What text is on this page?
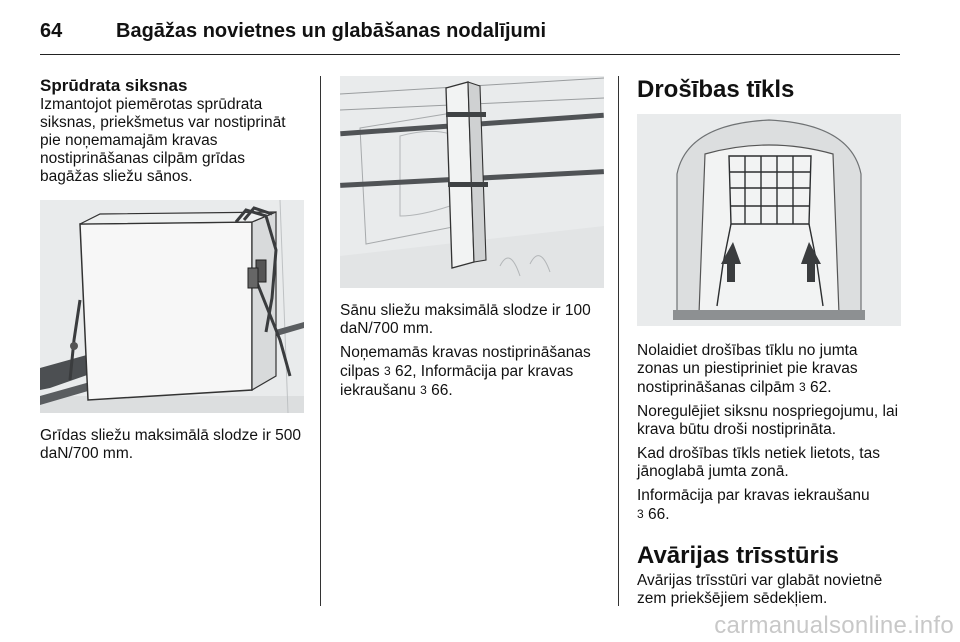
64	Bagāžas novietnes un glabāšanas nodalījumi
Sprūdrata siksnas

Izmantojot piemērotas sprūdrata siksnas, priekšmetus var nostiprināt pie noņemamajām kravas nostiprināšanas cilpām grīdas bagāžas sliežu sānos.

Grīdas sliežu maksimālā slodze ir 500 daN/700 mm.

Sānu sliežu maksimālā slodze ir 100 daN/700 mm.

Noņemamās kravas nostiprināšanas cilpas 3 62, Informācija par kravas iekraušanu 3 66.

Drošības tīkls

Nolaidiet drošības tīklu no jumta zonas un piestipriniet pie kravas nostiprināšanas cilpām 3 62.

Noregulējiet siksnu nospriegojumu, lai krava būtu droši nostiprināta.

Kad drošības tīkls netiek lietots, tas jānoglabā jumta zonā.

Informācija par kravas iekraušanu
3 66.

Avārijas trīsstūris

Avārijas trīsstūri var glabāt novietnē zem priekšējiem sēdekļiem.

carmanualsonline.info
